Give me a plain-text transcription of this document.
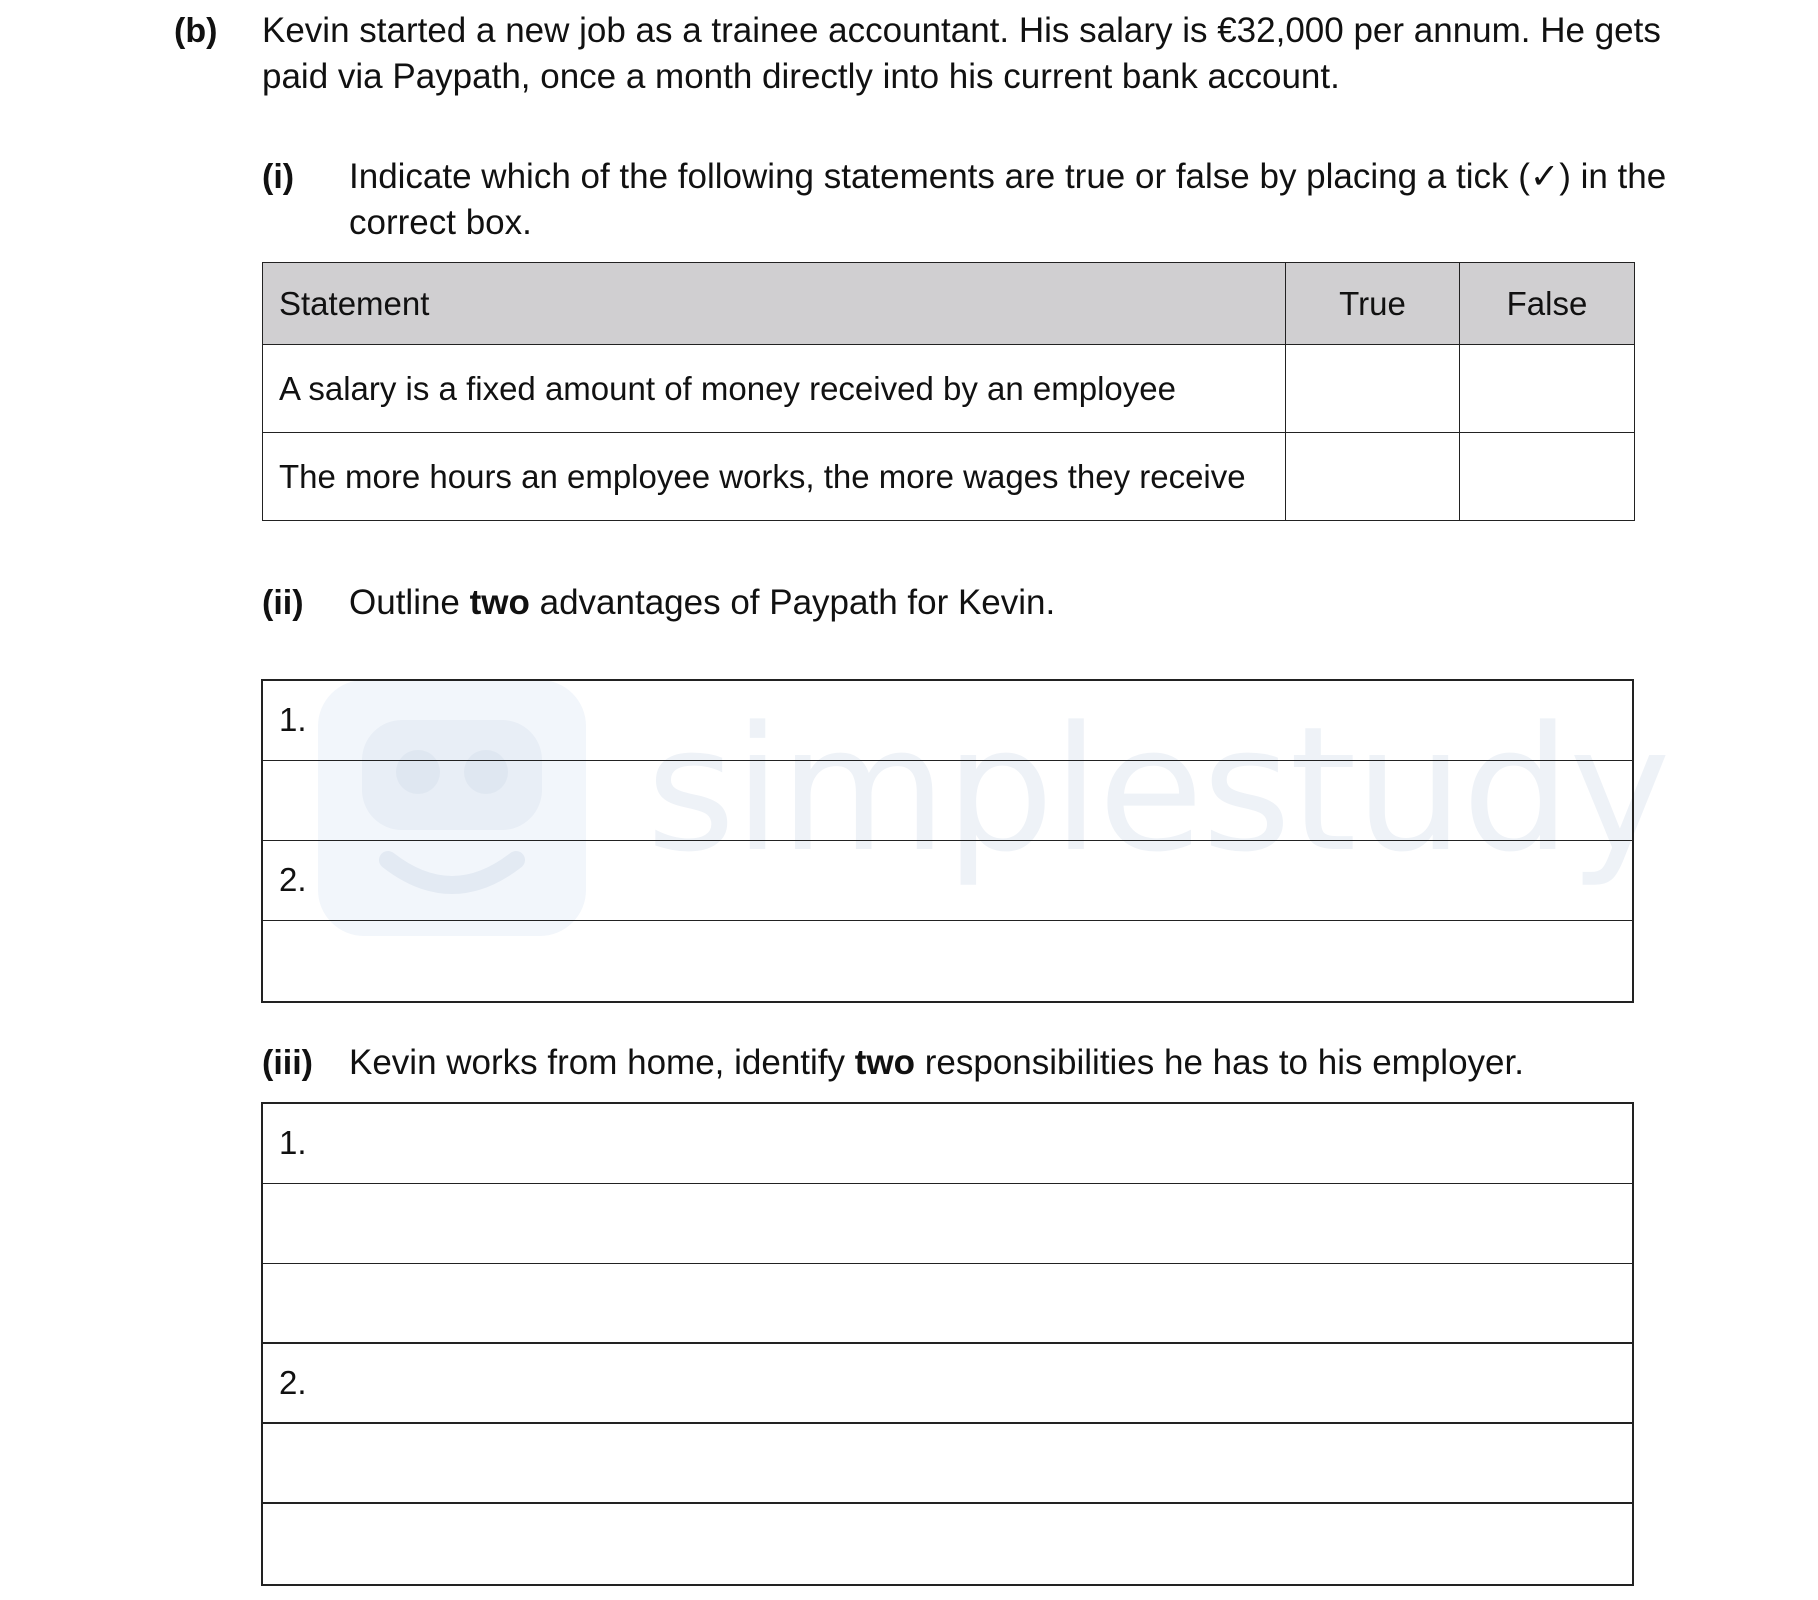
simplestudy
(b) Kevin started a new job as a trainee accountant. His salary is €32,000 per annum. He gets
paid via Paypath, once a month directly into his current bank account.
(i) Indicate which of the following statements are true or false by placing a tick (✓) in the
correct box.
Statement	True	False
A salary is a fixed amount of money received by an employee		
The more hours an employee works, the more wages they receive		
(ii) Outline two advantages of Paypath for Kevin.
1.
2.
(iii) Kevin works from home, identify two responsibilities he has to his employer.
1.
2.
